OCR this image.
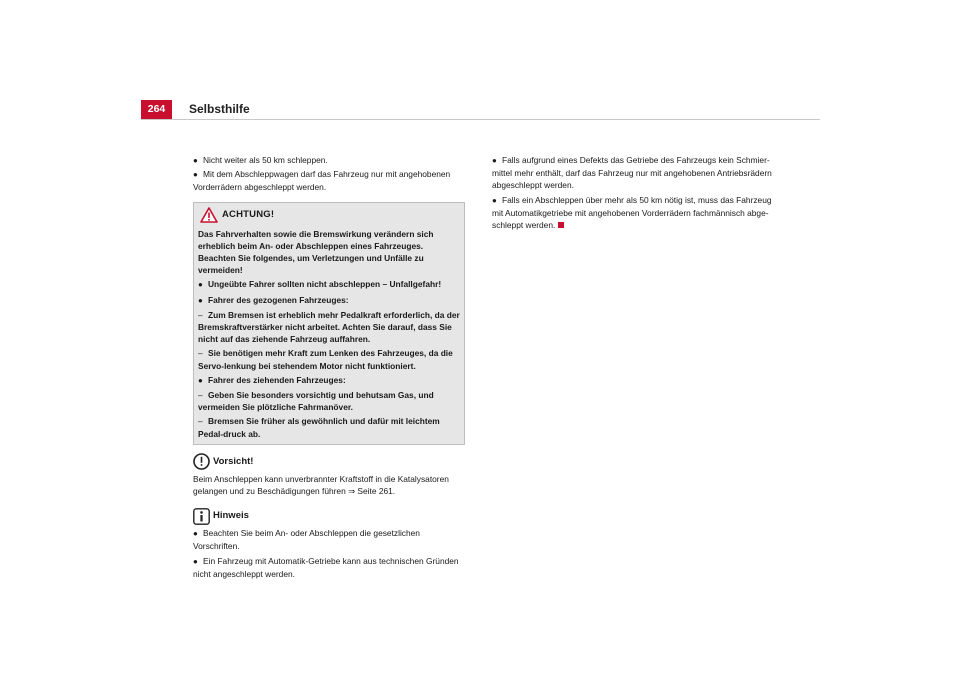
264	Selbsthilfe

● Nicht weiter als 50 km schleppen.

● Mit dem Abschleppwagen darf das Fahrzeug nur mit angehobenen Vorderrädern abgeschleppt werden.

ACHTUNG!

Das Fahrverhalten sowie die Bremswirkung verändern sich erheblich beim An- oder Abschleppen eines Fahrzeuges. Beachten Sie folgendes, um Verletzungen und Unfälle zu vermeiden!

● Ungeübte Fahrer sollten nicht abschleppen – Unfallgefahr!

● Fahrer des gezogenen Fahrzeuges:

– Zum Bremsen ist erheblich mehr Pedalkraft erforderlich, da der Bremskraftverstärker nicht arbeitet. Achten Sie darauf, dass Sie nicht auf das ziehende Fahrzeug auffahren.

– Sie benötigen mehr Kraft zum Lenken des Fahrzeuges, da die Servo-lenkung bei stehendem Motor nicht funktioniert.

● Fahrer des ziehenden Fahrzeuges:

– Geben Sie besonders vorsichtig und behutsam Gas, und vermeiden Sie plötzliche Fahrmanöver.

– Bremsen Sie früher als gewöhnlich und dafür mit leichtem Pedal-druck ab.

Vorsicht!

Beim Anschleppen kann unverbrannter Kraftstoff in die Katalysatoren gelangen und zu Beschädigungen führen ⇒ Seite 261.

Hinweis

● Beachten Sie beim An- oder Abschleppen die gesetzlichen Vorschriften.

● Ein Fahrzeug mit Automatik-Getriebe kann aus technischen Gründen nicht angeschleppt werden.

● Falls aufgrund eines Defekts das Getriebe des Fahrzeugs kein Schmier-mittel mehr enthält, darf das Fahrzeug nur mit angehobenen Antriebsrädern abgeschleppt werden.

● Falls ein Abschleppen über mehr als 50 km nötig ist, muss das Fahrzeug mit Automatikgetriebe mit angehobenen Vorderrädern fachmännisch abge-schleppt werden.
